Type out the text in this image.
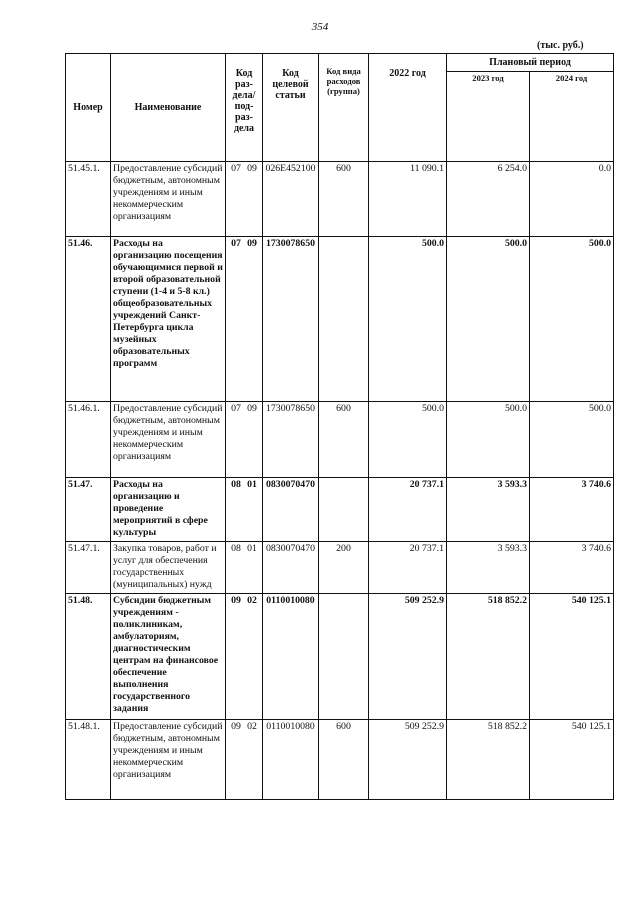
354
(тыс. руб.)
Номер	Наименование	Код раз-дела/ под-раз-дела	Код целевой статьи	Код вида расходов (группа)	2022 год	Плановый период	
						2023 год	2024 год
51.45.1.	Предоставление субсидий бюджетным, автономным учреждениям и иным некоммерческим организациям	07 09	026Е452100	600	11 090.1	6 254.0	0.0
51.46.	Расходы на организацию посещения обучающимися первой и второй образовательной ступени (1-4 и 5-8 кл.) общеобразовательных учреждений Санкт-Петербурга цикла музейных образовательных программ	07 09	1730078650		500.0	500.0	500.0
51.46.1.	Предоставление субсидий бюджетным, автономным учреждениям и иным некоммерческим организациям	07 09	1730078650	600	500.0	500.0	500.0
51.47.	Расходы на организацию и проведение мероприятий в сфере культуры	08 01	0830070470		20 737.1	3 593.3	3 740.6
51.47.1.	Закупка товаров, работ и услуг для обеспечения государственных (муниципальных) нужд	08 01	0830070470	200	20 737.1	3 593.3	3 740.6
51.48.	Субсидии бюджетным учреждениям - поликлиникам, амбулаториям, диагностическим центрам на финансовое обеспечение выполнения государственного задания	09 02	0110010080		509 252.9	518 852.2	540 125.1
51.48.1.	Предоставление субсидий бюджетным, автономным учреждениям и иным некоммерческим организациям	09 02	0110010080	600	509 252.9	518 852.2	540 125.1
